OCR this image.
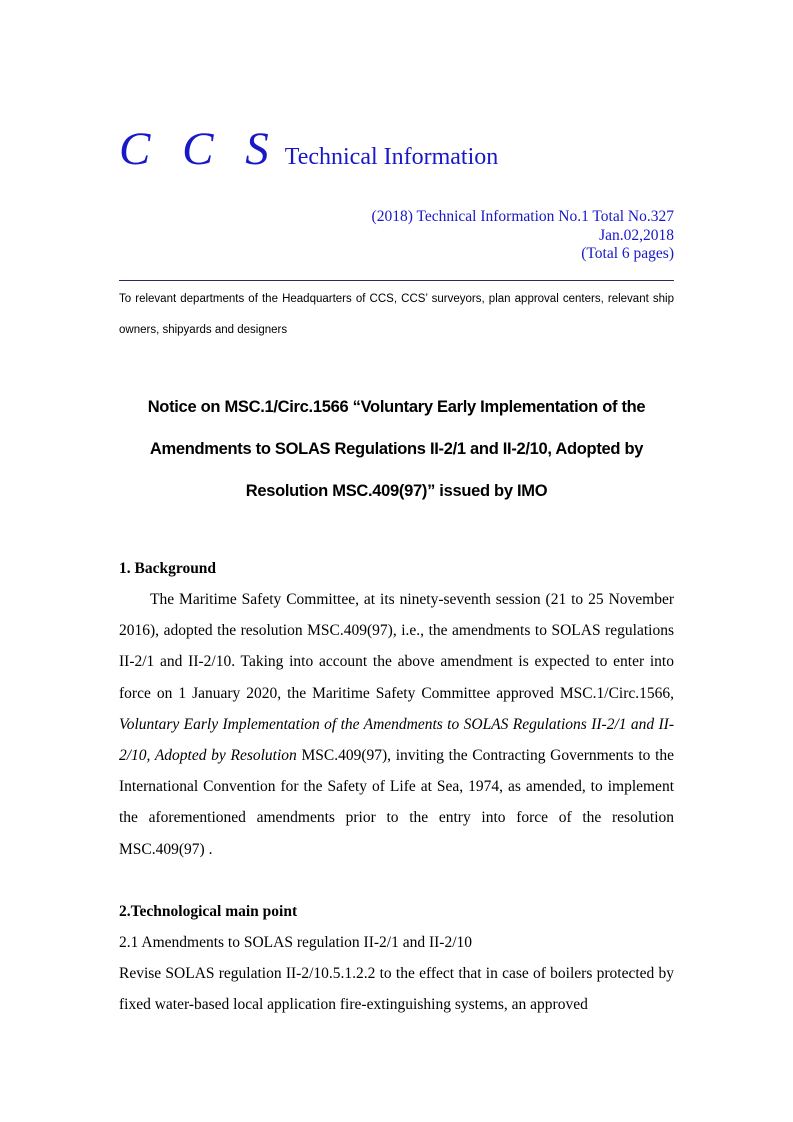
C C S Technical Information
(2018) Technical Information No.1 Total No.327
Jan.02,2018
(Total 6 pages)
To relevant departments of the Headquarters of CCS, CCS’ surveyors, plan approval centers, relevant ship owners, shipyards and designers
Notice on MSC.1/Circ.1566 “Voluntary Early Implementation of the
Amendments to SOLAS Regulations II-2/1 and II-2/10, Adopted by
Resolution MSC.409(97)” issued by IMO
1. Background
The Maritime Safety Committee, at its ninety-seventh session (21 to 25 November 2016), adopted the resolution MSC.409(97), i.e., the amendments to SOLAS regulations II-2/1 and II-2/10. Taking into account the above amendment is expected to enter into force on 1 January 2020, the Maritime Safety Committee approved MSC.1/Circ.1566, Voluntary Early Implementation of the Amendments to SOLAS Regulations II-2/1 and II-2/10, Adopted by Resolution MSC.409(97), inviting the Contracting Governments to the International Convention for the Safety of Life at Sea, 1974, as amended, to implement the aforementioned amendments prior to the entry into force of the resolution MSC.409(97) .
2.Technological main point
2.1 Amendments to SOLAS regulation II-2/1 and II-2/10
Revise SOLAS regulation II-2/10.5.1.2.2 to the effect that in case of boilers protected by fixed water-based local application fire-extinguishing systems, an approved
